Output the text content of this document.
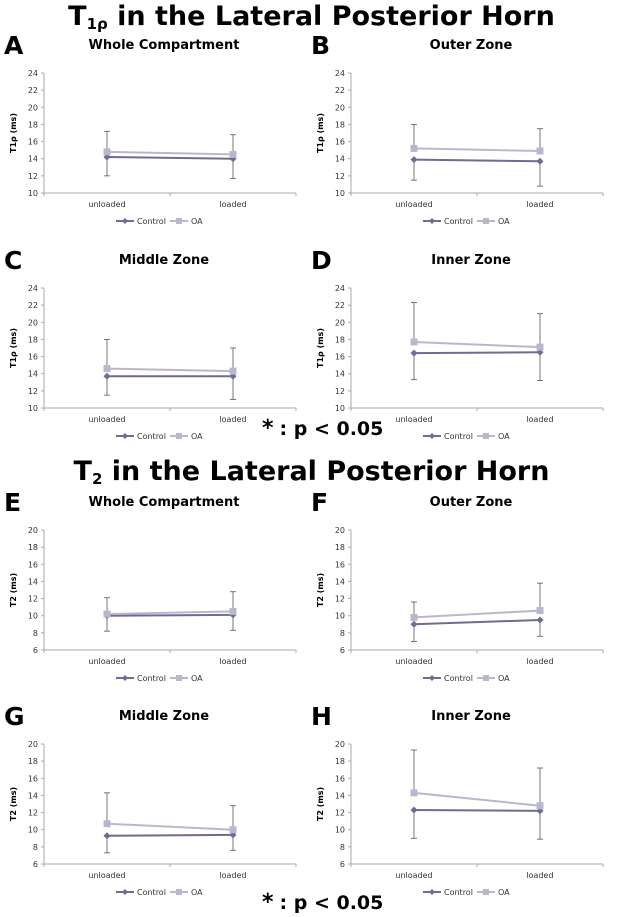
$T_{1\rho}$ in the Lateral Posterior Horn
$T_2$ in the Lateral Posterior Horn
A	Whole Compartment
10
12
14
16
18
20
22
24
unloaded	loaded
T1ρ (ms)
Control	OA
B	Outer Zone
10
12
14
16
18
20
22
24
unloaded	loaded
T1ρ (ms)
Control	OA
C	Middle Zone
10
12
14
16
18
20
22
24
unloaded	loaded
T1ρ (ms)
Control	OA
D	Inner Zone
10
12
14
16
18
20
22
24
unloaded	loaded
T1ρ (ms)
Control	OA
* : p < 0.05
E	Whole Compartment
6
8
10
12
14
16
18
20
unloaded	loaded
T2 (ms)
Control	OA
F	Outer Zone
6
8
10
12
14
16
18
20
unloaded	loaded
T2 (ms)
Control	OA
G	Middle Zone
6
8
10
12
14
16
18
20
unloaded	loaded
T2 (ms)
Control	OA
H	Inner Zone
6
8
10
12
14
16
18
20
unloaded	loaded
T2 (ms)
Control	OA
* : p < 0.05
